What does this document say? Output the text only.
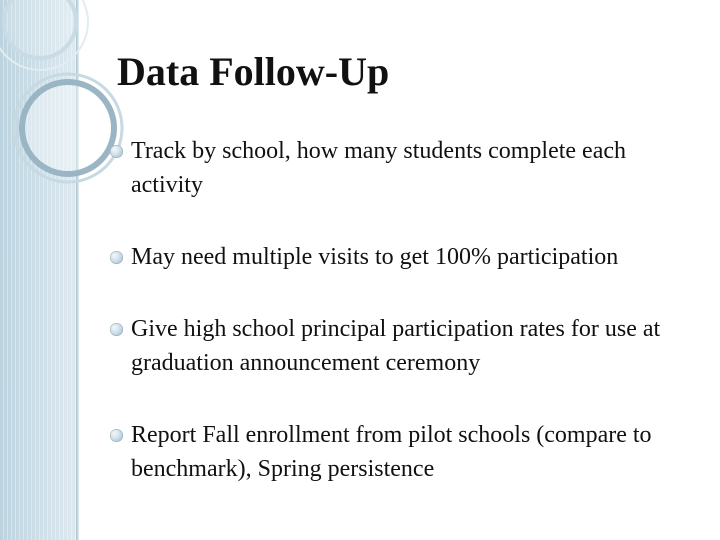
Data Follow-Up
Track by school, how many students complete each activity
May need multiple visits to get 100% participation
Give high school principal participation rates for use at graduation announcement ceremony
Report Fall enrollment from pilot schools (compare to benchmark), Spring persistence
